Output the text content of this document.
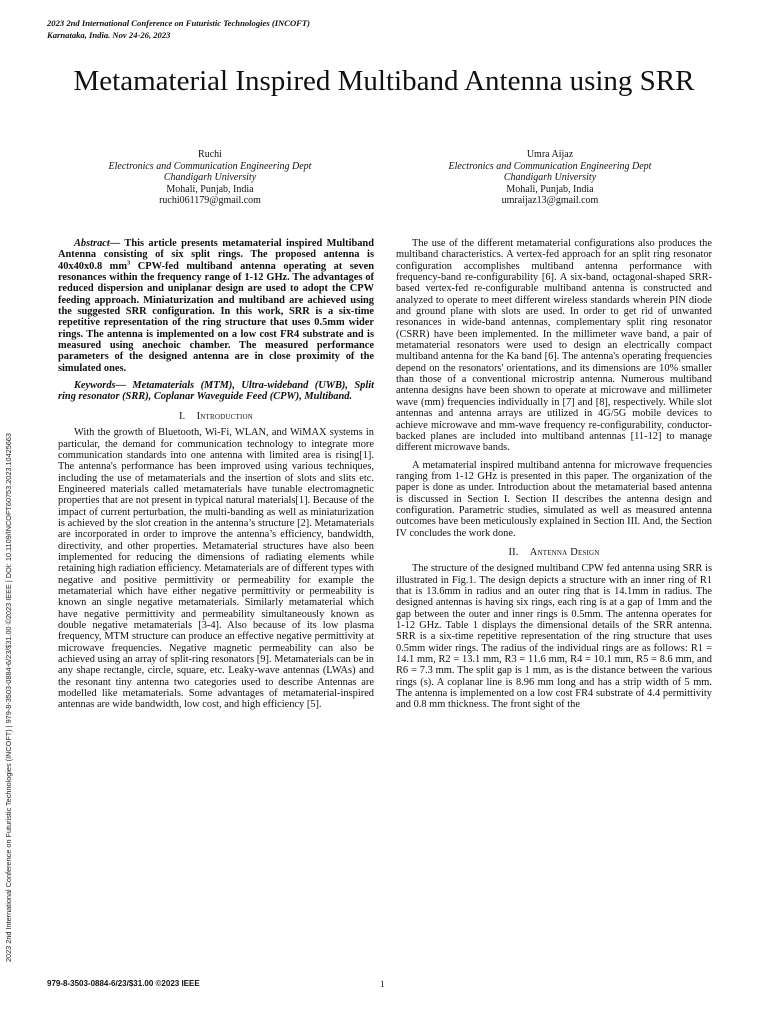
2023 2nd International Conference on Futuristic Technologies (INCOFT)
Karnataka, India. Nov 24-26, 2023
Metamaterial Inspired Multiband Antenna using SRR
Ruchi
Electronics and Communication Engineering Dept
Chandigarh University
Mohali, Punjab, India
ruchi061179@gmail.com
Umra Aijaz
Electronics and Communication Engineering Dept
Chandigarh University
Mohali, Punjab, India
umraijaz13@gmail.com

Abstract— This article presents metamaterial inspired Multiband Antenna consisting of six split rings. The proposed antenna is 40x40x0.8 $mm^3$ CPW-fed multiband antenna operating at seven resonances within the frequency range of 1-12 GHz. The advantages of reduced dispersion and uniplanar design are used to adopt the CPW feeding approach. Miniaturization and multiband are achieved using the suggested SRR configuration. In this work, SRR is a six-time repetitive representation of the ring structure that uses 0.5mm wider rings. The antenna is implemented on a low cost FR4 substrate and is measured using anechoic chamber. The measured performance parameters of the designed antenna are in close proximity of the simulated ones.

Keywords— Metamaterials (MTM), Ultra-wideband (UWB), Split ring resonator (SRR), Coplanar Waveguide Feed (CPW), Multiband.

I. Introduction

With the growth of Bluetooth, Wi-Fi, WLAN, and WiMAX systems in particular, the demand for communication technology to integrate more communication standards into one antenna with limited area is rising[1]. The antenna's performance has been improved using various techniques, including the use of metamaterials and the insertion of slots and slits etc. Engineered materials called metamaterials have tunable electromagnetic properties that are not present in typical natural materials[1]. Because of the impact of current perturbation, the multi-banding as well as miniaturization is achieved by the slot creation in the antenna’s structure [2]. Metamaterials are incorporated in order to improve the antenna’s efficiency, bandwidth, directivity, and other properties. Metamaterial structures have also been implemented for reducing the dimensions of radiating elements while retaining high radiation efficiency. Metamaterials are of different types with negative and positive permittivity or permeability for example the metamaterial which have either negative permittivity or permeability is known an single negative metamaterials. Similarly metamaterial which have negative permittivity and permeability simultaneously known as double negative metamaterials [3-4]. Also because of its low plasma frequency, MTM structure can produce an effective negative permittivity at microwave frequencies. Negative magnetic permeability can also be achieved using an array of split-ring resonators [9]. Metamaterials can be in any shape rectangle, circle, square, etc. Leaky-wave antennas (LWAs) and the resonant tiny antenna two categories used to describe Antennas are modelled like metamaterials. Some advantages of metamaterial-inspired antennas are wide bandwidth, low cost, and high efficiency [5].

The use of the different metamaterial configurations also produces the multiband characteristics. A vertex-fed approach for an split ring resonator configuration accomplishes multiband antenna performance with frequency-band re-configurability [6]. A six-band, octagonal-shaped SRR-based vertex-fed re-configurable multiband antenna is constructed and analyzed to operate to meet different wireless standards wherein PIN diode and ground plane with slots are used. In order to get rid of unwanted resonances in wide-band antennas, complementary split ring resonator (CSRR) have been implemented. In the millimeter wave band, a pair of metamaterial resonators were used to design an electrically compact multiband antenna for the Ka band [6]. The antenna's operating frequencies depend on the resonators' orientations, and its dimensions are 10% smaller than those of a conventional microstrip antenna. Numerous multiband antenna designs have been shown to operate at microwave and millimeter wave (mm) frequencies individually in [7] and [8], respectively. While slot antennas and antenna arrays are utilized in 4G/5G mobile devices to achieve microwave and mm-wave frequency re-configurability, conductor-backed planes are included into multiband antennas [11-12] to manage different microwave bands.

A metamaterial inspired multiband antenna for microwave frequencies ranging from 1-12 GHz is presented in this paper. The organization of the paper is done as under. Introduction about the metamaterial based antenna is discussed in Section I. Section II describes the antenna design and configuration. Parametric studies, simulated as well as measured antenna outcomes have been meticulously explained in Section III. And, the Section IV concludes the work done.

II. Antenna Design

The structure of the designed multiband CPW fed antenna using SRR is illustrated in Fig.1. The design depicts a structure with an inner ring of R1 that is 13.6mm in radius and an outer ring that is 14.1mm in radius. The designed antennas is having six rings, each ring is at a gap of 1mm and the gap between the outer and inner rings is 0.5mm. The antenna operates for 1-12 GHz. Table 1 displays the dimensional details of the SRR antenna. SRR is a six-time repetitive representation of the ring structure that uses 0.5mm wider rings. The radius of the individual rings are as follows: R1 = 14.1 mm, R2 = 13.1 mm, R3 = 11.6 mm, R4 = 10.1 mm, R5 = 8.6 mm, and R6 = 7.3 mm. The split gap is 1 mm, as is the distance between the various rings (s). A coplanar line is 8.96 mm long and has a strip width of 5 mm. The antenna is implemented on a low cost FR4 substrate of 4.4 permittivity and 0.8 mm thickness. The front sight of the

2023 2nd International Conference on Futuristic Technologies (INCOFT) | 979-8-3503-0884-6/23/$31.00 ©2023 IEEE | DOI: 10.1109/INCOFT60753.2023.10425663
979-8-3503-0884-6/23/$31.00 ©2023 IEEE	1
